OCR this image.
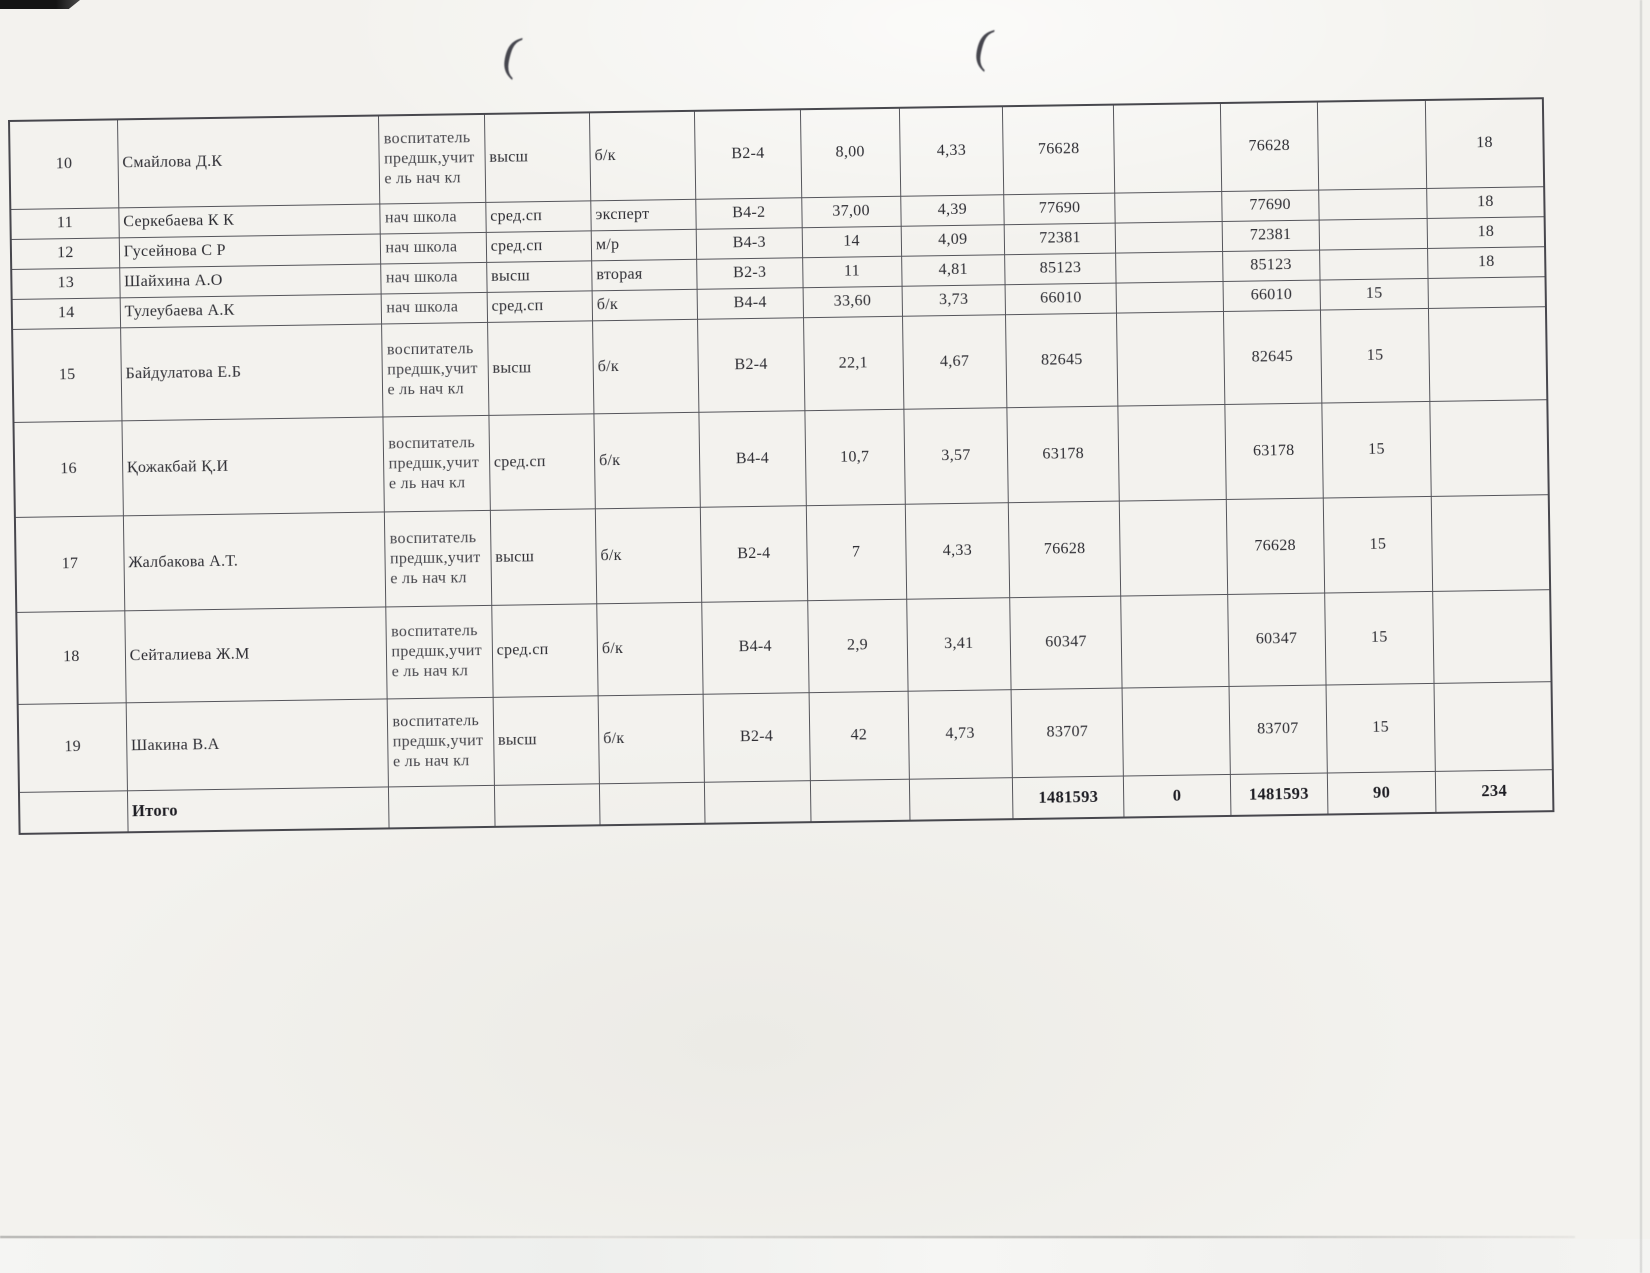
(	(
10	Смайлова Д.К	воспитатель предшк,учите ль нач кл	высш	б/к	В2-4	8,00	4,33	76628		76628		18
11	Серкебаева К К	нач школа	сред.сп	эксперт	В4-2	37,00	4,39	77690		77690		18
12	Гусейнова С Р	нач школа	сред.сп	м/р	В4-3	14	4,09	72381		72381		18
13	Шайхина А.О	нач школа	высш	вторая	В2-3	11	4,81	85123		85123		18
14	Тулеубаева А.К	нач школа	сред.сп	б/к	В4-4	33,60	3,73	66010		66010	15	
15	Байдулатова Е.Б	воспитатель предшк,учите ль нач кл	высш	б/к	В2-4	22,1	4,67	82645		82645	15	
16	Қожакбай Қ.И	воспитатель предшк,учите ль нач кл	сред.сп	б/к	В4-4	10,7	3,57	63178		63178	15	
17	Жалбакова А.Т.	воспитатель предшк,учите ль нач кл	высш	б/к	В2-4	7	4,33	76628		76628	15	
18	Сейталиева Ж.М	воспитатель предшк,учите ль нач кл	сред.сп	б/к	В4-4	2,9	3,41	60347		60347	15	
19	Шакина В.А	воспитатель предшк,учите ль нач кл	высш	б/к	В2-4	42	4,73	83707		83707	15	
	Итого							1481593	0	1481593	90	234
